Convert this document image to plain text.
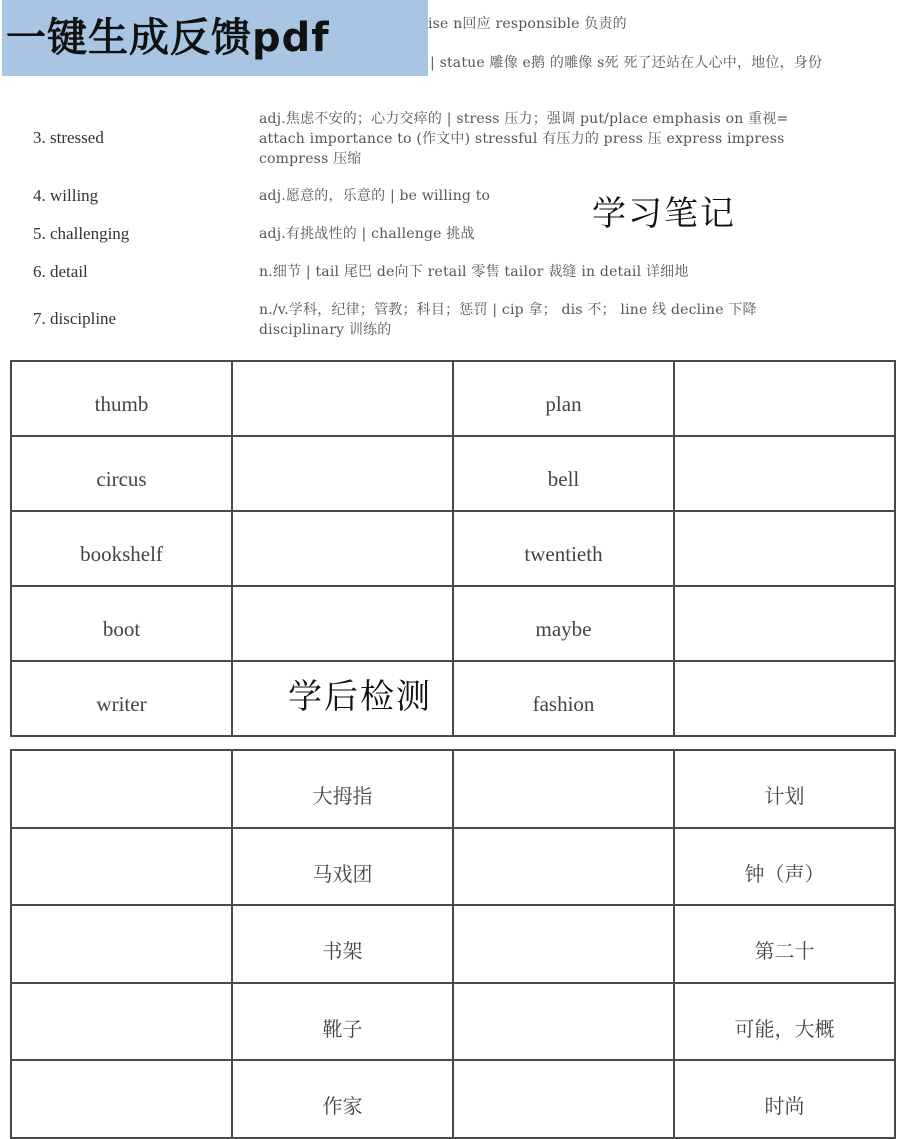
ise n回应 responsible 负责的
| statue 雕像 e鹅 的雕像 s死 死了还站在人心中，地位，身份
3. stressed
adj.焦虑不安的；心力交瘁的 | stress 压力；强调 put/place emphasis on 重视= attach importance to (作文中) stressful 有压力的 press 压 express impress compress 压缩
4. willing	adj.愿意的，乐意的 | be willing to
5. challenging	adj.有挑战性的 | challenge 挑战
6. detail	n.细节 | tail 尾巴 de向下 retail 零售 tailor 裁缝 in detail 详细地
7. discipline	n./v.学科，纪律；管教；科目；惩罚 | cip 拿； dis 不； line 线 decline 下降 disciplinary 训练的
一键生成反馈pdf
学习笔记
thumb	plan
circus	bell
bookshelf	twentieth
boot	maybe
writer	fashion
学后检测
大拇指	计划
马戏团	钟（声）
书架	第二十
靴子	可能，大概
作家	时尚
